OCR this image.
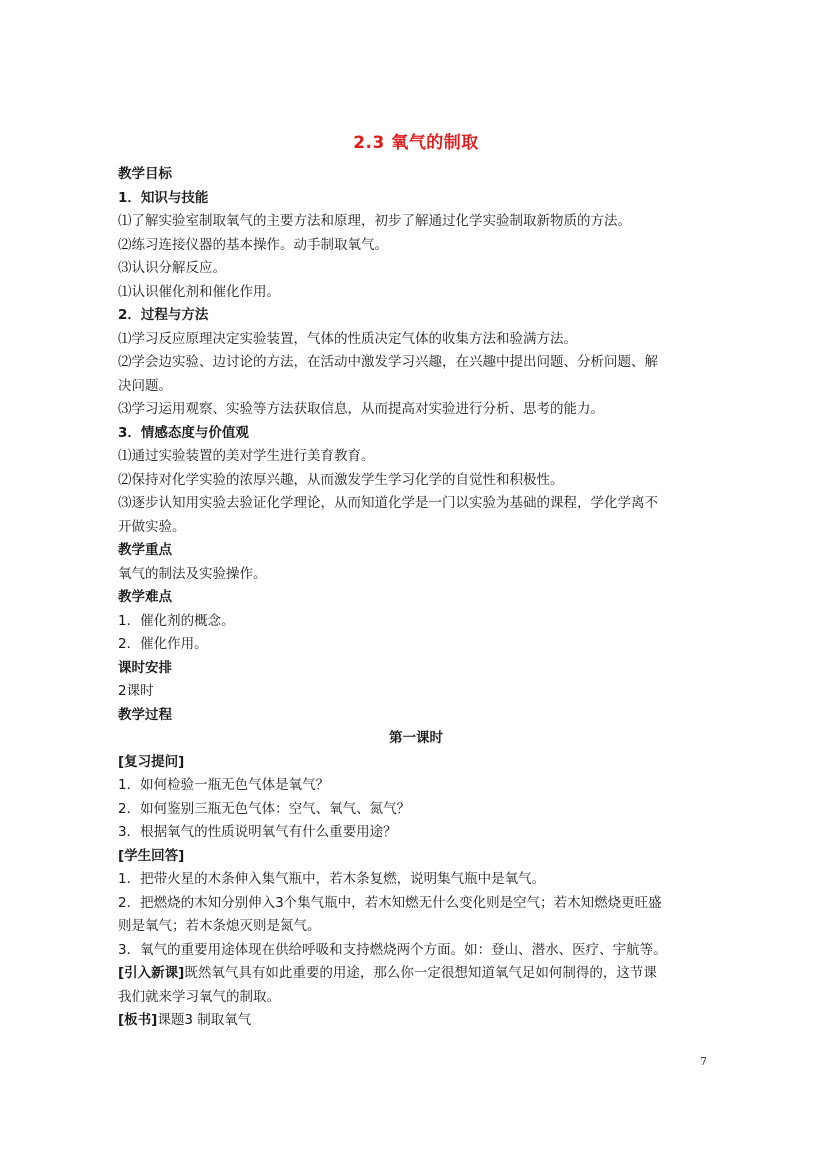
2.3 氧气的制取

教学目标

1．知识与技能

⑴了解实验室制取氧气的主要方法和原理，初步了解通过化学实验制取新物质的方法。

⑵练习连接仪器的基本操作。动手制取氧气。

⑶认识分解反应。

⑴认识催化剂和催化作用。

2．过程与方法

⑴学习反应原理决定实验装置，气体的性质决定气体的收集方法和验满方法。

⑵学会边实验、边讨论的方法，在活动中激发学习兴趣，在兴趣中提出问题、分析问题、解

决问题。

⑶学习运用观察、实验等方法获取信息，从而提高对实验进行分析、思考的能力。

3．情感态度与价值观

⑴通过实验装置的美对学生进行美育教育。

⑵保持对化学实验的浓厚兴趣，从而激发学生学习化学的自觉性和积极性。

⑶逐步认知用实验去验证化学理论，从而知道化学是一门以实验为基础的课程，学化学离不

开做实验。

教学重点

氧气的制法及实验操作。

教学难点

1．催化剂的概念。

2．催化作用。

课时安排

2课时

教学过程

第一课时

[复习提问]

1．如何检验一瓶无色气体是氧气？

2．如何鉴别三瓶无色气体：空气、氧气、氮气？

3．根据氧气的性质说明氧气有什么重要用途？

[学生回答]

1．把带火星的木条伸入集气瓶中，若木条复燃，说明集气瓶中是氧气。

2．把燃烧的木知分别伸入3个集气瓶中，若木知燃无什么变化则是空气；若木知燃烧更旺盛

则是氧气；若木条熄灭则是氮气。

3．氧气的重要用途体现在供给呼吸和支持燃烧两个方面。如：登山、潜水、医疗、宇航等。

[引入新课]既然氧气具有如此重要的用途，那么你一定很想知道氧气足如何制得的，这节课

我们就来学习氧气的制取。

[板书]课题3 制取氧气

7
